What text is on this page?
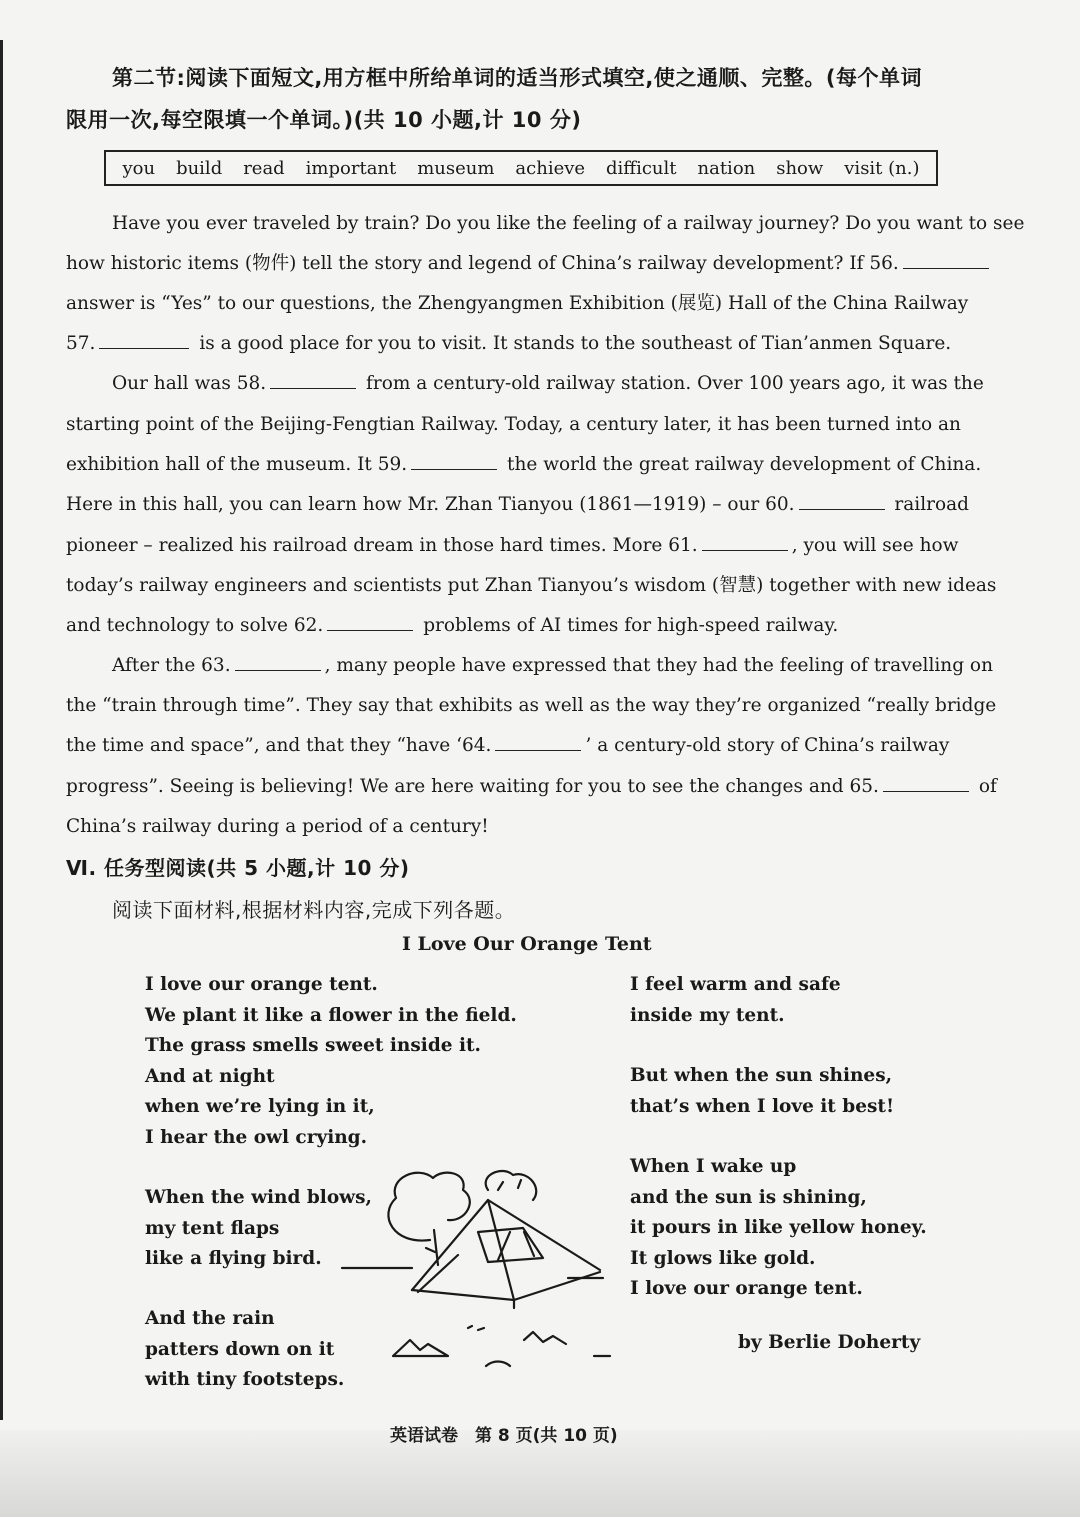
第二节:阅读下面短文,用方框中所给单词的适当形式填空,使之通顺、完整。(每个单词
限用一次,每空限填一个单词。)(共 10 小题,计 10 分)
you build read important museum achieve difficult nation show visit (n.)
Have you ever traveled by train? Do you like the feeling of a railway journey? Do you want to see
how historic items (物件) tell the story and legend of China’s railway development? If 56.
answer is “Yes” to our questions, the Zhengyangmen Exhibition (展览) Hall of the China Railway
57.	is a good place for you to visit. It stands to the southeast of Tian’anmen Square.
Our hall was 58.	from a century-old railway station. Over 100 years ago, it was the
starting point of the Beijing-Fengtian Railway. Today, a century later, it has been turned into an
exhibition hall of the museum. It 59.	the world the great railway development of China.
Here in this hall, you can learn how Mr. Zhan Tianyou (1861—1919) – our 60.	railroad
pioneer – realized his railroad dream in those hard times. More 61.	, you will see how
today’s railway engineers and scientists put Zhan Tianyou’s wisdom (智慧) together with new ideas
and technology to solve 62.	problems of AI times for high-speed railway.
After the 63.	, many people have expressed that they had the feeling of travelling on
the “train through time”. They say that exhibits as well as the way they’re organized “really bridge
the time and space”, and that they “have ‘64.	’ a century-old story of China’s railway
progress”. Seeing is believing! We are here waiting for you to see the changes and 65.	of
China’s railway during a period of a century!
Ⅵ. 任务型阅读(共 5 小题,计 10 分)
阅读下面材料,根据材料内容,完成下列各题。
I Love Our Orange Tent
I love our orange tent.
We plant it like a flower in the field.
The grass smells sweet inside it.
And at night
when we’re lying in it,
I hear the owl crying.
When the wind blows,
my tent flaps
like a flying bird.
And the rain
patters down on it
with tiny footsteps.
I feel warm and safe
inside my tent.
But when the sun shines,
that’s when I love it best!
When I wake up
and the sun is shining,
it pours in like yellow honey.
It glows like gold.
I love our orange tent.
by Berlie Doherty
英语试卷　第 8 页(共 10 页)
